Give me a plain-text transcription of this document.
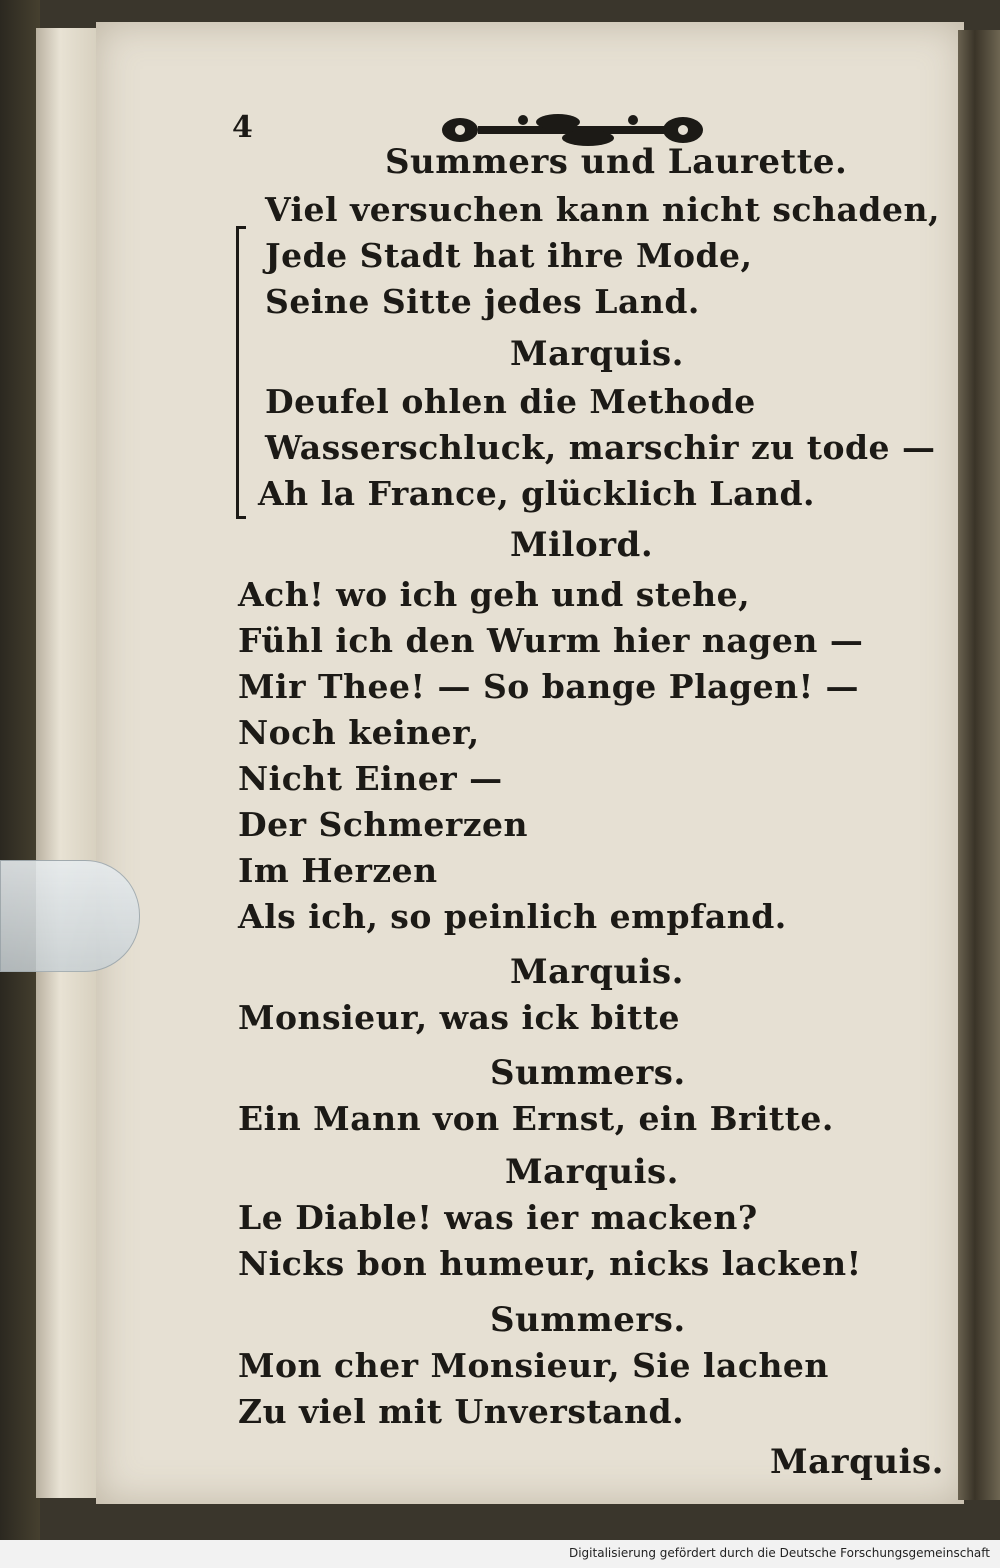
4

Summers und Laurette.

Viel versuchen kann nicht schaden,

Jede Stadt hat ihre Mode,

Seine Sitte jedes Land.

Marquis.

Deufel ohlen die Methode

Wasserschluck, marschir zu tode —

Ah la France, glücklich Land.

Milord.

Ach! wo ich geh und stehe,

Fühl ich den Wurm hier nagen —

Mir Thee! — So bange Plagen! —

Noch keiner,

Nicht Einer —

Der Schmerzen

Im Herzen

Als ich, so peinlich empfand.

Marquis.

Monsieur, was ick bitte

Summers.

Ein Mann von Ernst, ein Britte.

Marquis.

Le Diable! was ier macken?

Nicks bon humeur, nicks lacken!

Summers.

Mon cher Monsieur, Sie lachen

Zu viel mit Unverstand.

Marquis.

Digitalisierung gefördert durch die Deutsche Forschungsgemeinschaft
